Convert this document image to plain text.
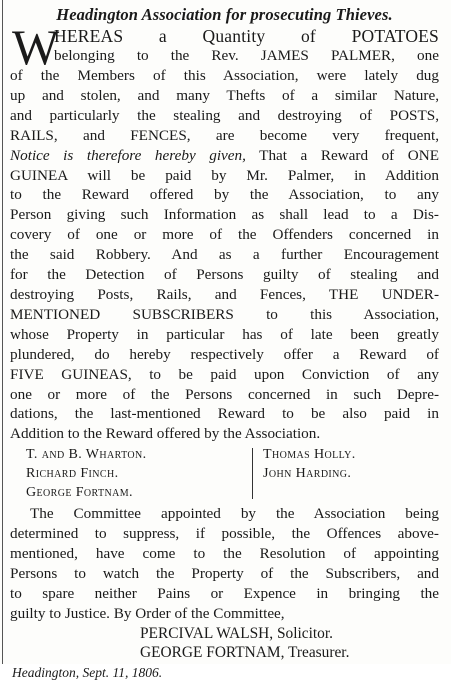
Headington Association for prosecuting Thieves.
W
HEREAS a Quantity of POTATOES
belonging to the Rev. JAMES PALMER, one
of the Members of this Association, were lately dug
up and stolen, and many Thefts of a similar Nature,
and particularly the stealing and destroying of POSTS,
RAILS, and FENCES, are become very frequent,
Notice is therefore hereby given, That a Reward of ONE
GUINEA will be paid by Mr. Palmer, in Addition
to the Reward offered by the Association, to any
Person giving such Information as shall lead to a Dis-
covery of one or more of the Offenders concerned in
the said Robbery. And as a further Encouragement
for the Detection of Persons guilty of stealing and
destroying Posts, Rails, and Fences, THE UNDER-
MENTIONED SUBSCRIBERS to this Association,
whose Property in particular has of late been greatly
plundered, do hereby respectively offer a Reward of
FIVE GUINEAS, to be paid upon Conviction of any
one or more of the Persons concerned in such Depre-
dations, the last-mentioned Reward to be also paid in
Addition to the Reward offered by the Association.
T. and B. Wharton.
Richard Finch.
George Fortnam.
Thomas Holly.
John Harding.
The Committee appointed by the Association being
determined to suppress, if possible, the Offences above-
mentioned, have come to the Resolution of appointing
Persons to watch the Property of the Subscribers, and
to spare neither Pains or Expence in bringing the
guilty to Justice. By Order of the Committee,
PERCIVAL WALSH, Solicitor.
GEORGE FORTNAM, Treasurer.
Headington, Sept. 11, 1806.
